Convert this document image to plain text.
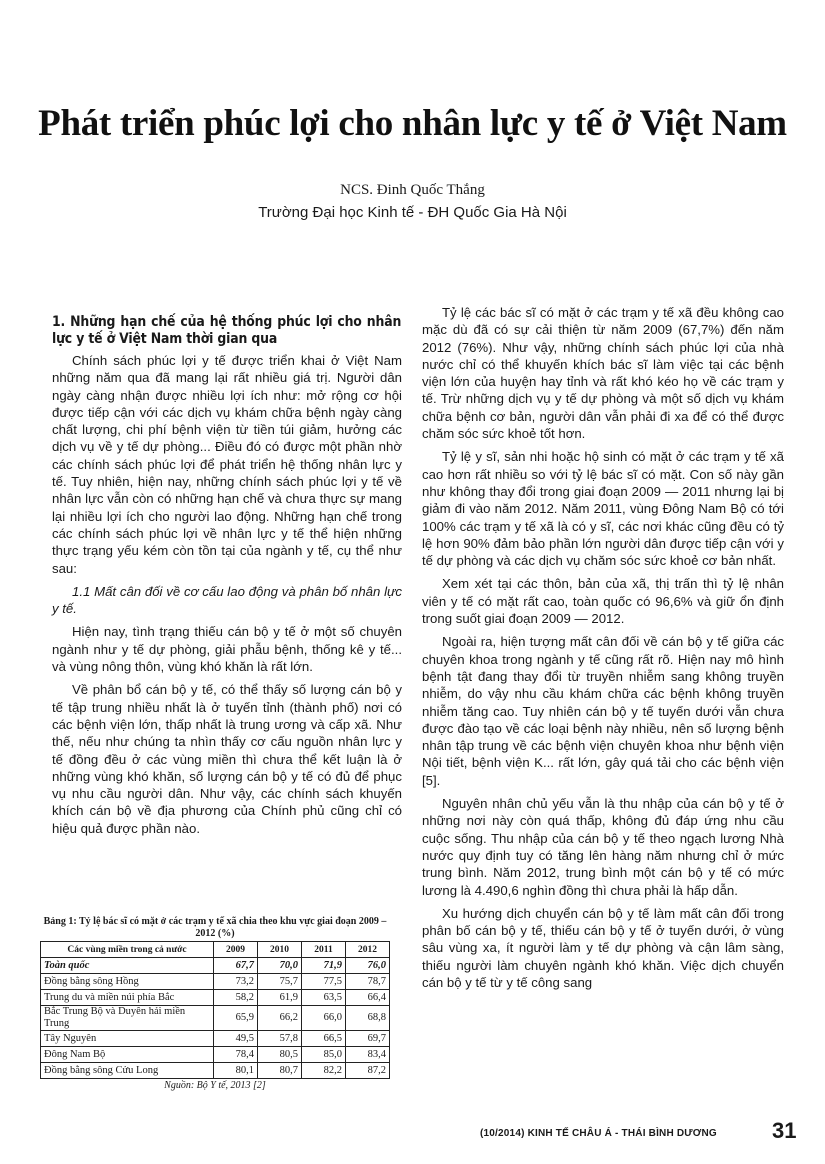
Phát triển phúc lợi cho nhân lực y tế ở Việt Nam
NCS. Đinh Quốc Thắng
Trường Đại học Kinh tế - ĐH Quốc Gia Hà Nội
1. Những hạn chế của hệ thống phúc lợi cho nhân lực y tế ở Việt Nam thời gian qua

Chính sách phúc lợi y tế được triển khai ở Việt Nam những năm qua đã mang lại rất nhiều giá trị. Người dân ngày càng nhận được nhiều lợi ích như: mở rộng cơ hội được tiếp cận với các dịch vụ khám chữa bệnh ngày càng chất lượng, chi phí bệnh viện từ tiền túi giảm, hưởng các dịch vụ về y tế dự phòng... Điều đó có được một phần nhờ các chính sách phúc lợi để phát triển hệ thống nhân lực y tế. Tuy nhiên, hiện nay, những chính sách phúc lợi y tế về nhân lực vẫn còn có những hạn chế và chưa thực sự mang lại nhiều lợi ích cho người lao động. Những hạn chế trong các chính sách phúc lợi về nhân lực y tế thể hiện những thực trạng yếu kém còn tồn tại của ngành y tế, cụ thể như sau:

1.1 Mất cân đối về cơ cấu lao động và phân bố nhân lực y tế.

Hiện nay, tình trạng thiếu cán bộ y tế ở một số chuyên ngành như y tế dự phòng, giải phẫu bệnh, thống kê y tế... và vùng nông thôn, vùng khó khăn là rất lớn.

Về phân bổ cán bộ y tế, có thể thấy số lượng cán bộ y tế tập trung nhiều nhất là ở tuyến tỉnh (thành phố) nơi có các bệnh viện lớn, thấp nhất là trung ương và cấp xã. Như thế, nếu như chúng ta nhìn thấy cơ cấu nguồn nhân lực y tế đồng đều ở các vùng miền thì chưa thể kết luận là ở những vùng khó khăn, số lượng cán bộ y tế có đủ để phục vụ nhu cầu người dân. Như vậy, các chính sách khuyến khích cán bộ về địa phương của Chính phủ cũng chỉ có hiệu quả được phần nào.

Bảng 1: Tỷ lệ bác sĩ có mặt ở các trạm y tế xã chia theo khu vực giai đoạn 2009 – 2012 (%)
Các vùng miền trong cả nước	2009	2010	2011	2012
Toàn quốc	67,7	70,0	71,9	76,0
Đồng bằng sông Hồng	73,2	75,7	77,5	78,7
Trung du và miền núi phía Bắc	58,2	61,9	63,5	66,4
Bắc Trung Bộ và Duyên hải miền Trung	65,9	66,2	66,0	68,8
Tây Nguyên	49,5	57,8	66,5	69,7
Đông Nam Bộ	78,4	80,5	85,0	83,4
Đồng bằng sông Cửu Long	80,1	80,7	82,2	87,2
Nguồn: Bộ Y tế, 2013 [2]

Tỷ lệ các bác sĩ có mặt ở các trạm y tế xã đều không cao mặc dù đã có sự cải thiện từ năm 2009 (67,7%) đến năm 2012 (76%). Như vậy, những chính sách phúc lợi của nhà nước chỉ có thể khuyến khích bác sĩ làm việc tại các bệnh viện lớn của huyện hay tỉnh và rất khó kéo họ về các trạm y tế. Trừ những dịch vụ y tế dự phòng và một số dịch vụ khám chữa bệnh cơ bản, người dân vẫn phải đi xa để có thể được chăm sóc sức khoẻ tốt hơn.

Tỷ lệ y sĩ, sản nhi hoặc hộ sinh có mặt ở các trạm y tế xã cao hơn rất nhiều so với tỷ lệ bác sĩ có mặt. Con số này gần như không thay đổi trong giai đoạn 2009 — 2011 nhưng lại bị giảm đi vào năm 2012. Năm 2011, vùng Đông Nam Bộ có tới 100% các trạm y tế xã là có y sĩ, các nơi khác cũng đều có tỷ lệ hơn 90% đảm bảo phần lớn người dân được tiếp cận với y tế dự phòng và các dịch vụ chăm sóc sức khoẻ cơ bản nhất.

Xem xét tại các thôn, bản của xã, thị trấn thì tỷ lệ nhân viên y tế có mặt rất cao, toàn quốc có 96,6% và giữ ổn định trong suốt giai đoạn 2009 — 2012.

Ngoài ra, hiện tượng mất cân đối về cán bộ y tế giữa các chuyên khoa trong ngành y tế cũng rất rõ. Hiện nay mô hình bệnh tật đang thay đổi từ truyền nhiễm sang không truyền nhiễm, do vậy nhu cầu khám chữa các bệnh không truyền nhiễm tăng cao. Tuy nhiên cán bộ y tế tuyến dưới vẫn chưa được đào tạo về các loại bệnh này nhiều, nên số lượng bệnh nhân tập trung về các bệnh viện chuyên khoa như bệnh viện Nội tiết, bệnh viện K... rất lớn, gây quá tải cho các bệnh viện [5].

Nguyên nhân chủ yếu vẫn là thu nhập của cán bộ y tế ở những nơi này còn quá thấp, không đủ đáp ứng nhu cầu cuộc sống. Thu nhập của cán bộ y tế theo ngạch lương Nhà nước quy định tuy có tăng lên hàng năm nhưng chỉ ở mức trung bình. Năm 2012, trung bình một cán bộ y tế có mức lương là 4.490,6 nghìn đồng thì chưa phải là hấp dẫn.

Xu hướng dịch chuyển cán bộ y tế làm mất cân đối trong phân bố cán bộ y tế, thiếu cán bộ y tế ở tuyến dưới, ở vùng sâu vùng xa, ít người làm y tế dự phòng và cận lâm sàng, thiếu người làm chuyên ngành khó khăn. Việc dịch chuyển cán bộ y tế từ y tế công sang

(10/2014) KINH TẾ CHÂU Á - THÁI BÌNH DƯƠNG	31
